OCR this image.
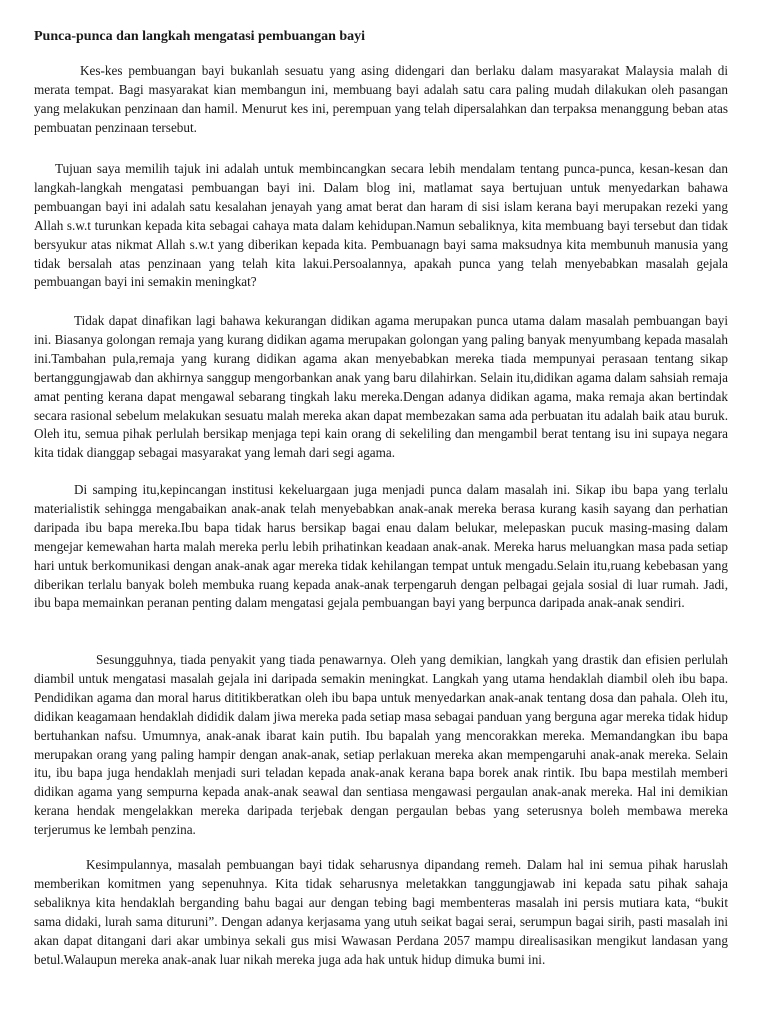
Punca-punca dan langkah mengatasi pembuangan bayi

Kes-kes pembuangan bayi bukanlah sesuatu yang asing didengari dan berlaku dalam masyarakat Malaysia malah di merata tempat. Bagi masyarakat kian membangun ini, membuang bayi adalah satu cara paling mudah dilakukan oleh pasangan yang melakukan penzinaan dan hamil. Menurut kes ini, perempuan yang telah dipersalahkan dan terpaksa menanggung beban atas pembuatan penzinaan tersebut.

Tujuan saya memilih tajuk ini adalah untuk membincangkan secara lebih mendalam tentang punca-punca, kesan-kesan dan langkah-langkah mengatasi pembuangan bayi ini. Dalam blog ini, matlamat saya bertujuan untuk menyedarkan bahawa pembuangan bayi ini adalah satu kesalahan jenayah yang amat berat dan haram di sisi islam kerana bayi merupakan rezeki yang Allah s.w.t turunkan kepada kita sebagai cahaya mata dalam kehidupan.Namun sebaliknya, kita membuang bayi tersebut dan tidak bersyukur atas nikmat Allah s.w.t yang diberikan kepada kita. Pembuanagn bayi sama maksudnya kita membunuh manusia yang tidak bersalah atas penzinaan yang telah kita lakui.Persoalannya, apakah punca yang telah menyebabkan masalah gejala pembuangan bayi ini semakin meningkat?

Tidak dapat dinafikan lagi bahawa kekurangan didikan agama merupakan punca utama dalam masalah pembuangan bayi ini. Biasanya golongan remaja yang kurang didikan agama merupakan golongan yang paling banyak menyumbang kepada masalah ini.Tambahan pula,remaja yang kurang didikan agama akan menyebabkan mereka tiada mempunyai perasaan tentang sikap bertanggungjawab dan akhirnya sanggup mengorbankan anak yang baru dilahirkan. Selain itu,didikan agama dalam sahsiah remaja amat penting kerana dapat mengawal sebarang tingkah laku mereka.Dengan adanya didikan agama, maka remaja akan bertindak secara rasional sebelum melakukan sesuatu malah mereka akan dapat membezakan sama ada perbuatan itu adalah baik atau buruk. Oleh itu, semua pihak perlulah bersikap menjaga tepi kain orang di sekeliling dan mengambil berat tentang isu ini supaya negara kita tidak dianggap sebagai masyarakat yang lemah dari segi agama.

Di samping itu,kepincangan institusi kekeluargaan juga menjadi punca dalam masalah ini. Sikap ibu bapa yang terlalu materialistik sehingga mengabaikan anak-anak telah menyebabkan anak-anak mereka berasa kurang kasih sayang dan perhatian daripada ibu bapa mereka.Ibu bapa tidak harus bersikap bagai enau dalam belukar, melepaskan pucuk masing-masing dalam mengejar kemewahan harta malah mereka perlu lebih prihatinkan keadaan anak-anak. Mereka harus meluangkan masa pada setiap hari untuk berkomunikasi dengan anak-anak agar mereka tidak kehilangan tempat untuk mengadu.Selain itu,ruang kebebasan yang diberikan terlalu banyak boleh membuka ruang kepada anak-anak terpengaruh dengan pelbagai gejala sosial di luar rumah. Jadi, ibu bapa memainkan peranan penting dalam mengatasi gejala pembuangan bayi yang berpunca daripada anak-anak sendiri.

Sesungguhnya, tiada penyakit yang tiada penawarnya. Oleh yang demikian, langkah yang drastik dan efisien perlulah diambil untuk mengatasi masalah gejala ini daripada semakin meningkat. Langkah yang utama hendaklah diambil oleh ibu bapa. Pendidikan agama dan moral harus dititikberatkan oleh ibu bapa untuk menyedarkan anak-anak tentang dosa dan pahala. Oleh itu, didikan keagamaan hendaklah dididik dalam jiwa mereka pada setiap masa sebagai panduan yang berguna agar mereka tidak hidup bertuhankan nafsu. Umumnya, anak-anak ibarat kain putih. Ibu bapalah yang mencorakkan mereka. Memandangkan ibu bapa merupakan orang yang paling hampir dengan anak-anak, setiap perlakuan mereka akan mempengaruhi anak-anak mereka. Selain itu, ibu bapa juga hendaklah menjadi suri teladan kepada anak-anak kerana bapa borek anak rintik. Ibu bapa mestilah memberi didikan agama yang sempurna kepada anak-anak seawal dan sentiasa mengawasi pergaulan anak-anak mereka. Hal ini demikian kerana hendak mengelakkan mereka daripada terjebak dengan pergaulan bebas yang seterusnya boleh membawa mereka terjerumus ke lembah penzina.

Kesimpulannya, masalah pembuangan bayi tidak seharusnya dipandang remeh. Dalam hal ini semua pihak haruslah memberikan komitmen yang sepenuhnya. Kita tidak seharusnya meletakkan tanggungjawab ini kepada satu pihak sahaja sebaliknya kita hendaklah berganding bahu bagai aur dengan tebing bagi membenteras masalah ini persis mutiara kata, “bukit sama didaki, lurah sama dituruni”. Dengan adanya kerjasama yang utuh seikat bagai serai, serumpun bagai sirih, pasti masalah ini akan dapat ditangani dari akar umbinya sekali gus misi Wawasan Perdana 2057 mampu direalisasikan mengikut landasan yang betul.Walaupun mereka anak-anak luar nikah mereka juga ada hak untuk hidup dimuka bumi ini.
